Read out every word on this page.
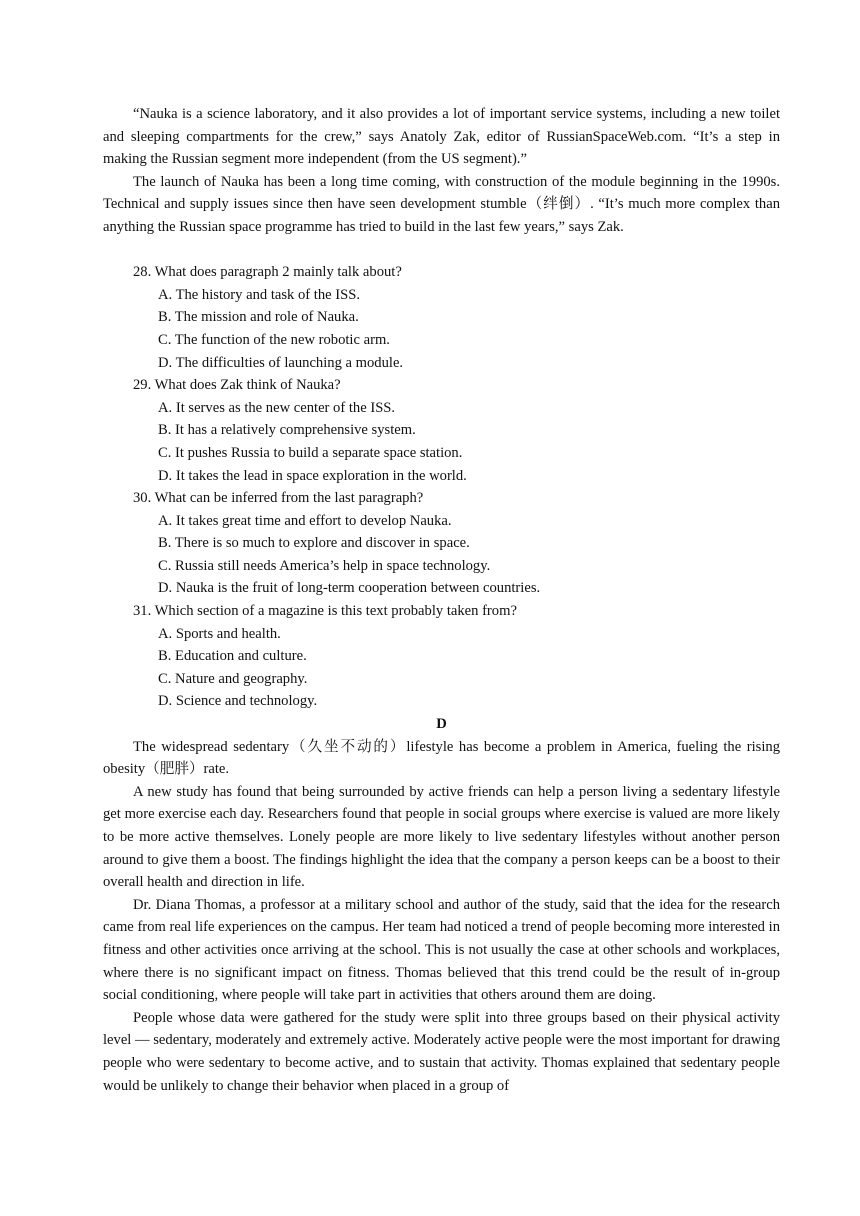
“Nauka is a science laboratory, and it also provides a lot of important service systems, including a new toilet and sleeping compartments for the crew,” says Anatoly Zak, editor of RussianSpaceWeb.com. “It’s a step in making the Russian segment more independent (from the US segment).”

The launch of Nauka has been a long time coming, with construction of the module beginning in the 1990s. Technical and supply issues since then have seen development stumble（绊倒）. “It’s much more complex than anything the Russian space programme has tried to build in the last few years,” says Zak.

28. What does paragraph 2 mainly talk about?

A. The history and task of the ISS.

B. The mission and role of Nauka.

C. The function of the new robotic arm.

D. The difficulties of launching a module.

29. What does Zak think of Nauka?

A. It serves as the new center of the ISS.

B. It has a relatively comprehensive system.

C. It pushes Russia to build a separate space station.

D. It takes the lead in space exploration in the world.

30. What can be inferred from the last paragraph?

A. It takes great time and effort to develop Nauka.

B. There is so much to explore and discover in space.

C. Russia still needs America’s help in space technology.

D. Nauka is the fruit of long-term cooperation between countries.

31. Which section of a magazine is this text probably taken from?

A. Sports and health.

B. Education and culture.

C. Nature and geography.

D. Science and technology.

D

The widespread sedentary（久坐不动的）lifestyle has become a problem in America, fueling the rising obesity（肥胖）rate.

A new study has found that being surrounded by active friends can help a person living a sedentary lifestyle get more exercise each day. Researchers found that people in social groups where exercise is valued are more likely to be more active themselves. Lonely people are more likely to live sedentary lifestyles without another person around to give them a boost. The findings highlight the idea that the company a person keeps can be a boost to their overall health and direction in life.

Dr. Diana Thomas, a professor at a military school and author of the study, said that the idea for the research came from real life experiences on the campus. Her team had noticed a trend of people becoming more interested in fitness and other activities once arriving at the school. This is not usually the case at other schools and workplaces, where there is no significant impact on fitness. Thomas believed that this trend could be the result of in-group social conditioning, where people will take part in activities that others around them are doing.

People whose data were gathered for the study were split into three groups based on their physical activity level — sedentary, moderately and extremely active. Moderately active people were the most important for drawing people who were sedentary to become active, and to sustain that activity. Thomas explained that sedentary people would be unlikely to change their behavior when placed in a group of
